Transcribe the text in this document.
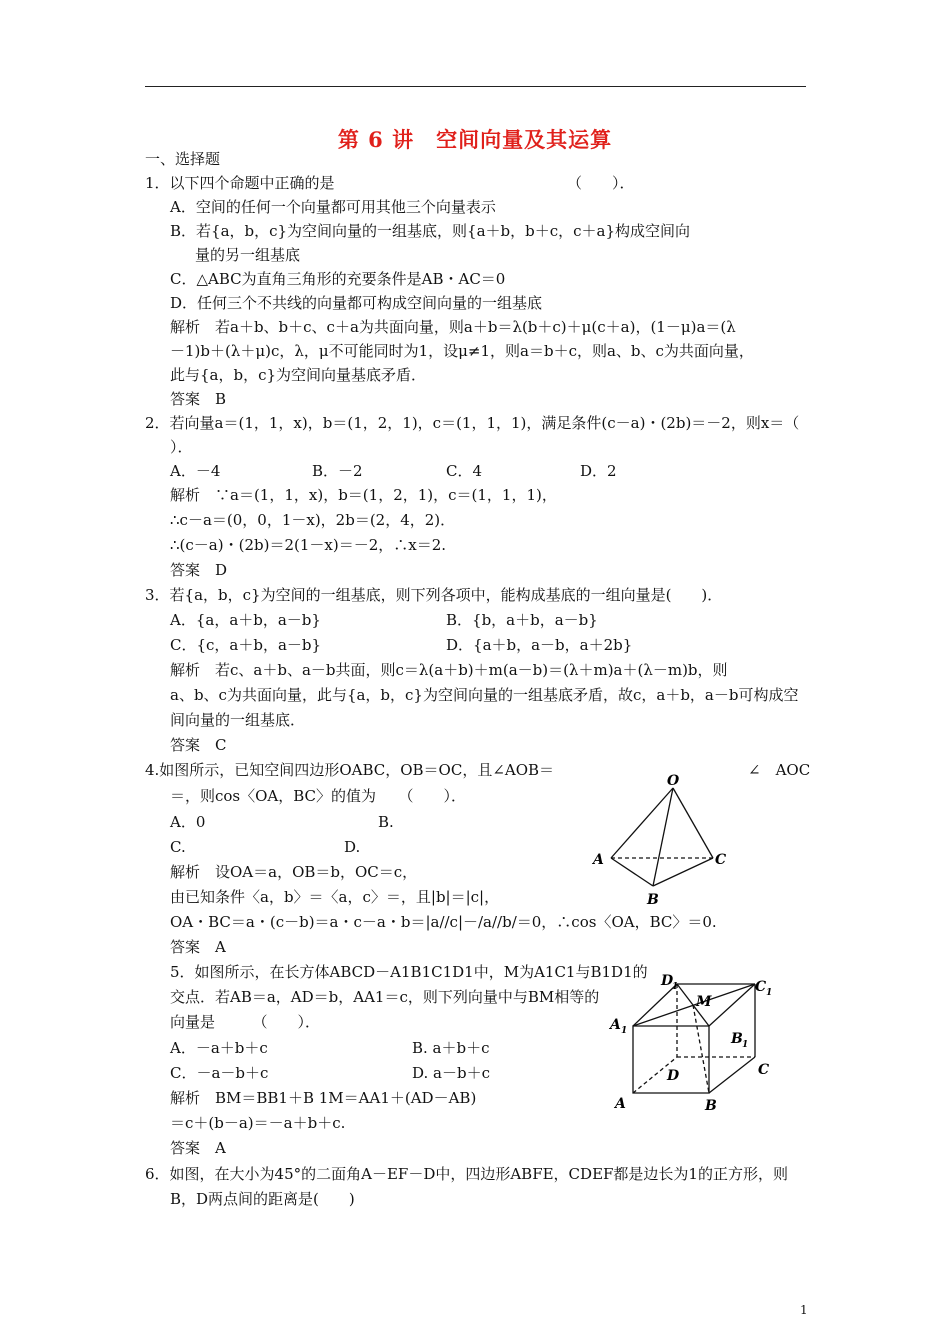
第 6 讲　空间向量及其运算
一、选择题
1．以下四个命题中正确的是　　　　　　　　　　　　　　　　（　　）．
A．空间的任何一个向量都可用其他三个向量表示
B．若{a，b，c}为空间向量的一组基底，则{a＋b，b＋c，c＋a}构成空间向
量的另一组基底
C．△ABC为直角三角形的充要条件是AB・AC＝0
D．任何三个不共线的向量都可构成空间向量的一组基底
解析　若a＋b、b＋c、c＋a为共面向量，则a＋b＝λ(b＋c)＋μ(c＋a)，(1－μ)a＝(λ
－1)b＋(λ＋μ)c，λ，μ不可能同时为1，设μ≠1，则a＝b＋c，则a、b、c为共面向量，
此与{a，b，c}为空间向量基底矛盾．
答案　B
2．若向量a＝(1，1，x)，b＝(1，2，1)，c＝(1，1，1)，满足条件(c－a)・(2b)＝－2，则x＝（
）．
A．－4	B．－2	C．4	D．2
解析　∵a＝(1，1，x)，b＝(1，2，1)，c＝(1，1，1)，
∴c－a＝(0，0，1－x)，2b＝(2，4，2)．
∴(c－a)・(2b)＝2(1－x)＝－2，∴x＝2.
答案　D
3．若{a，b，c}为空间的一组基底，则下列各项中，能构成基底的一组向量是(　　)．
A．{a，a＋b，a－b}	B．{b，a＋b，a－b}
C．{c，a＋b，a－b}	D．{a＋b，a－b，a＋2b}
解析　若c、a＋b、a－b共面，则c＝λ(a＋b)＋m(a－b)＝(λ＋m)a＋(λ－m)b，则
a、b、c为共面向量，此与{a，b，c}为空间向量的一组基底矛盾，故c，a＋b，a－b可构成空
间向量的一组基底．
答案　C
4.如图所示，已知空间四边形OABC，OB＝OC，且∠AOB＝	∠　AOC
＝，则cos〈OA，BC〉的值为　　（　　）．
A．0	B.
C.	D.
解析　设OA＝a，OB＝b，OC＝c，
由已知条件〈a，b〉＝〈a，c〉＝，且|b|＝|c|，
OA・BC＝a・(c－b)＝a・c－a・b＝|a//c|－/a//b/＝0，∴cos〈OA，BC〉＝0.
答案　A
O
A
B
C
5．如图所示，在长方体ABCD－A1B1C1D1中，M为A1C1与B1D1的
交点．若AB＝a，AD＝b，AA1＝c，则下列向量中与BM相等的
向量是　　　（　　）．
A．－a＋b＋c	B. a＋b＋c
C．－a－b＋c	D. a－b＋c
解析　BM＝BB1＋B 1M＝AA1＋(AD－AB)
＝c＋(b－a)＝－a＋b＋c.
答案　A
D
1	C 1
M
A 1	B 1
D	C
A	B
6．如图，在大小为45°的二面角A－EF－D中，四边形ABFE，CDEF都是边长为1的正方形，则
B，D两点间的距离是(　　)
1
